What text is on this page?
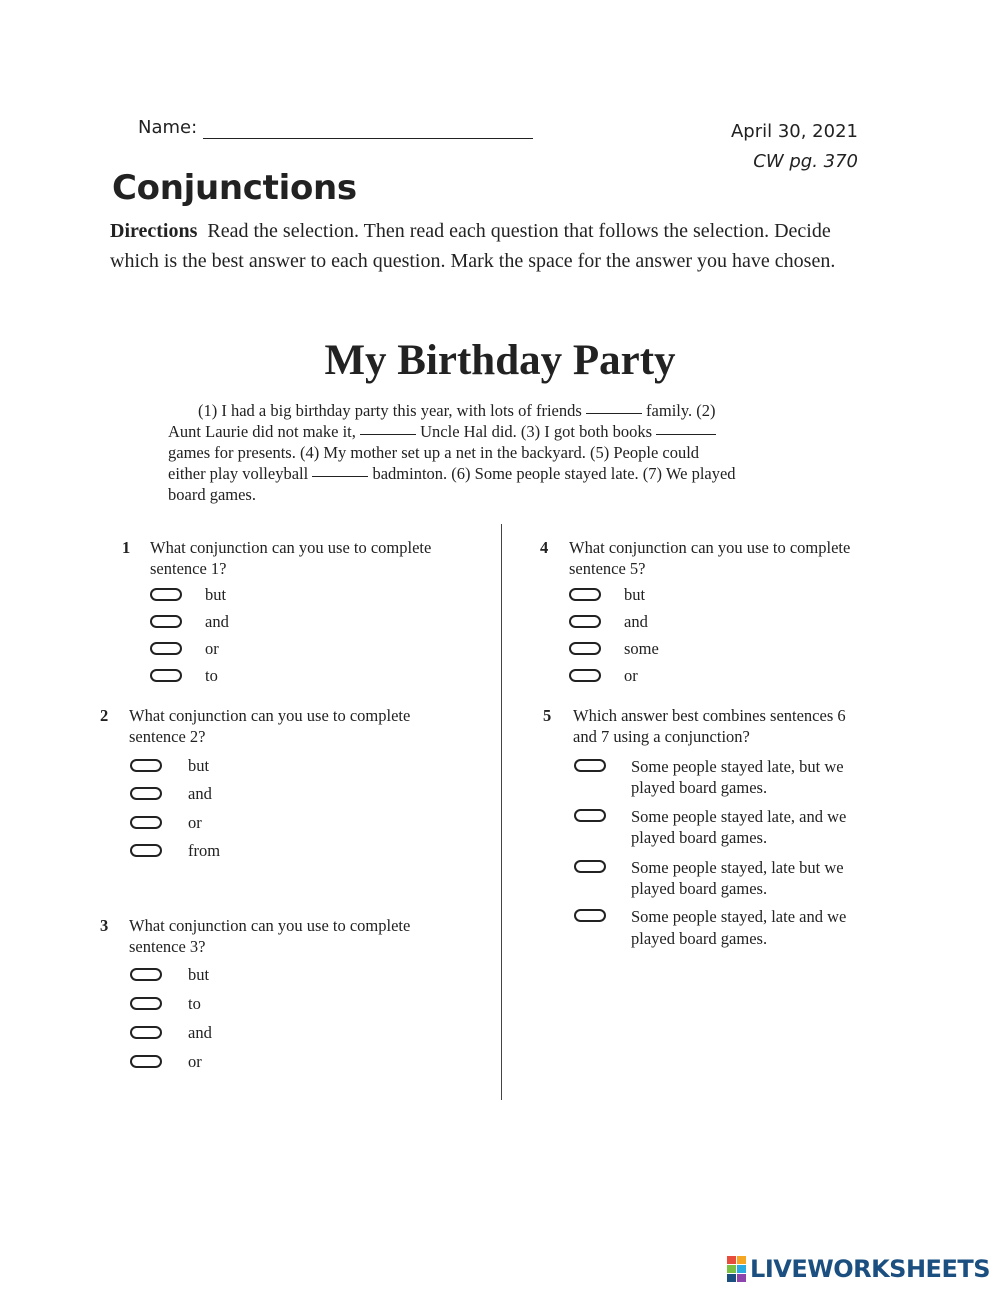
Name:	April 30, 2021
CW pg. 370
Conjunctions
Directions Read the selection. Then read each question that follows the selection. Decide which is the best answer to each question. Mark the space for the answer you have chosen.
My Birthday Party
(1) I had a big birthday party this year, with lots of friends	family. (2)
Aunt Laurie did not make it,	Uncle Hal did. (3) I got both books
games for presents. (4) My mother set up a net in the backyard. (5) People could
either play volleyball	badminton. (6) Some people stayed late. (7) We played
board games.
1 What conjunction can you use to complete
sentence 1?
but
and
or
to
2 What conjunction can you use to complete
sentence 2?
but
and
or
from
3 What conjunction can you use to complete
sentence 3?
but
to
and
or
4 What conjunction can you use to complete
sentence 5?
but
and
some
or
5 Which answer best combines sentences 6
and 7 using a conjunction?
Some people stayed late, but we
played board games.
Some people stayed late, and we
played board games.
Some people stayed, late but we
played board games.
Some people stayed, late and we
played board games.
LIVEWORKSHEETS
